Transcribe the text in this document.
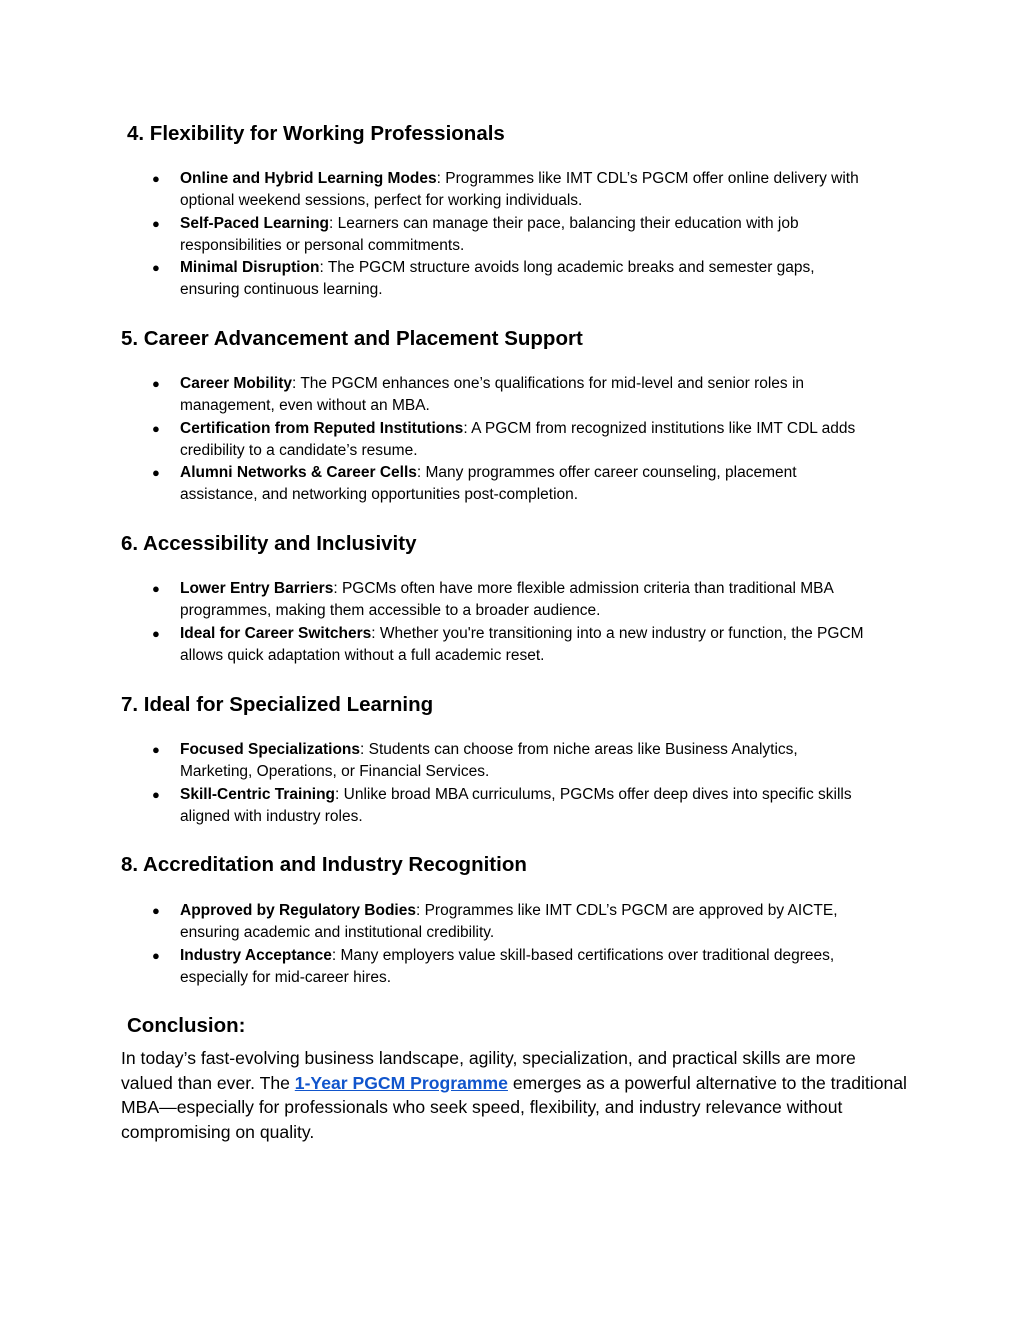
4. Flexibility for Working Professionals
● Online and Hybrid Learning Modes: Programmes like IMT CDL’s PGCM offer online delivery with optional weekend sessions, perfect for working individuals.
● Self-Paced Learning: Learners can manage their pace, balancing their education with job responsibilities or personal commitments.
● Minimal Disruption: The PGCM structure avoids long academic breaks and semester gaps, ensuring continuous learning.
5. Career Advancement and Placement Support
● Career Mobility: The PGCM enhances one’s qualifications for mid-level and senior roles in management, even without an MBA.
● Certification from Reputed Institutions: A PGCM from recognized institutions like IMT CDL adds credibility to a candidate’s resume.
● Alumni Networks & Career Cells: Many programmes offer career counseling, placement assistance, and networking opportunities post-completion.
6. Accessibility and Inclusivity
● Lower Entry Barriers: PGCMs often have more flexible admission criteria than traditional MBA programmes, making them accessible to a broader audience.
● Ideal for Career Switchers: Whether you're transitioning into a new industry or function, the PGCM allows quick adaptation without a full academic reset.
7. Ideal for Specialized Learning
● Focused Specializations: Students can choose from niche areas like Business Analytics, Marketing, Operations, or Financial Services.
● Skill-Centric Training: Unlike broad MBA curriculums, PGCMs offer deep dives into specific skills aligned with industry roles.
8. Accreditation and Industry Recognition
● Approved by Regulatory Bodies: Programmes like IMT CDL’s PGCM are approved by AICTE, ensuring academic and institutional credibility.
● Industry Acceptance: Many employers value skill-based certifications over traditional degrees, especially for mid-career hires.
Conclusion:

In today’s fast-evolving business landscape, agility, specialization, and practical skills are more valued than ever. The 1-Year PGCM Programme emerges as a powerful alternative to the traditional MBA—especially for professionals who seek speed, flexibility, and industry relevance without compromising on quality.
